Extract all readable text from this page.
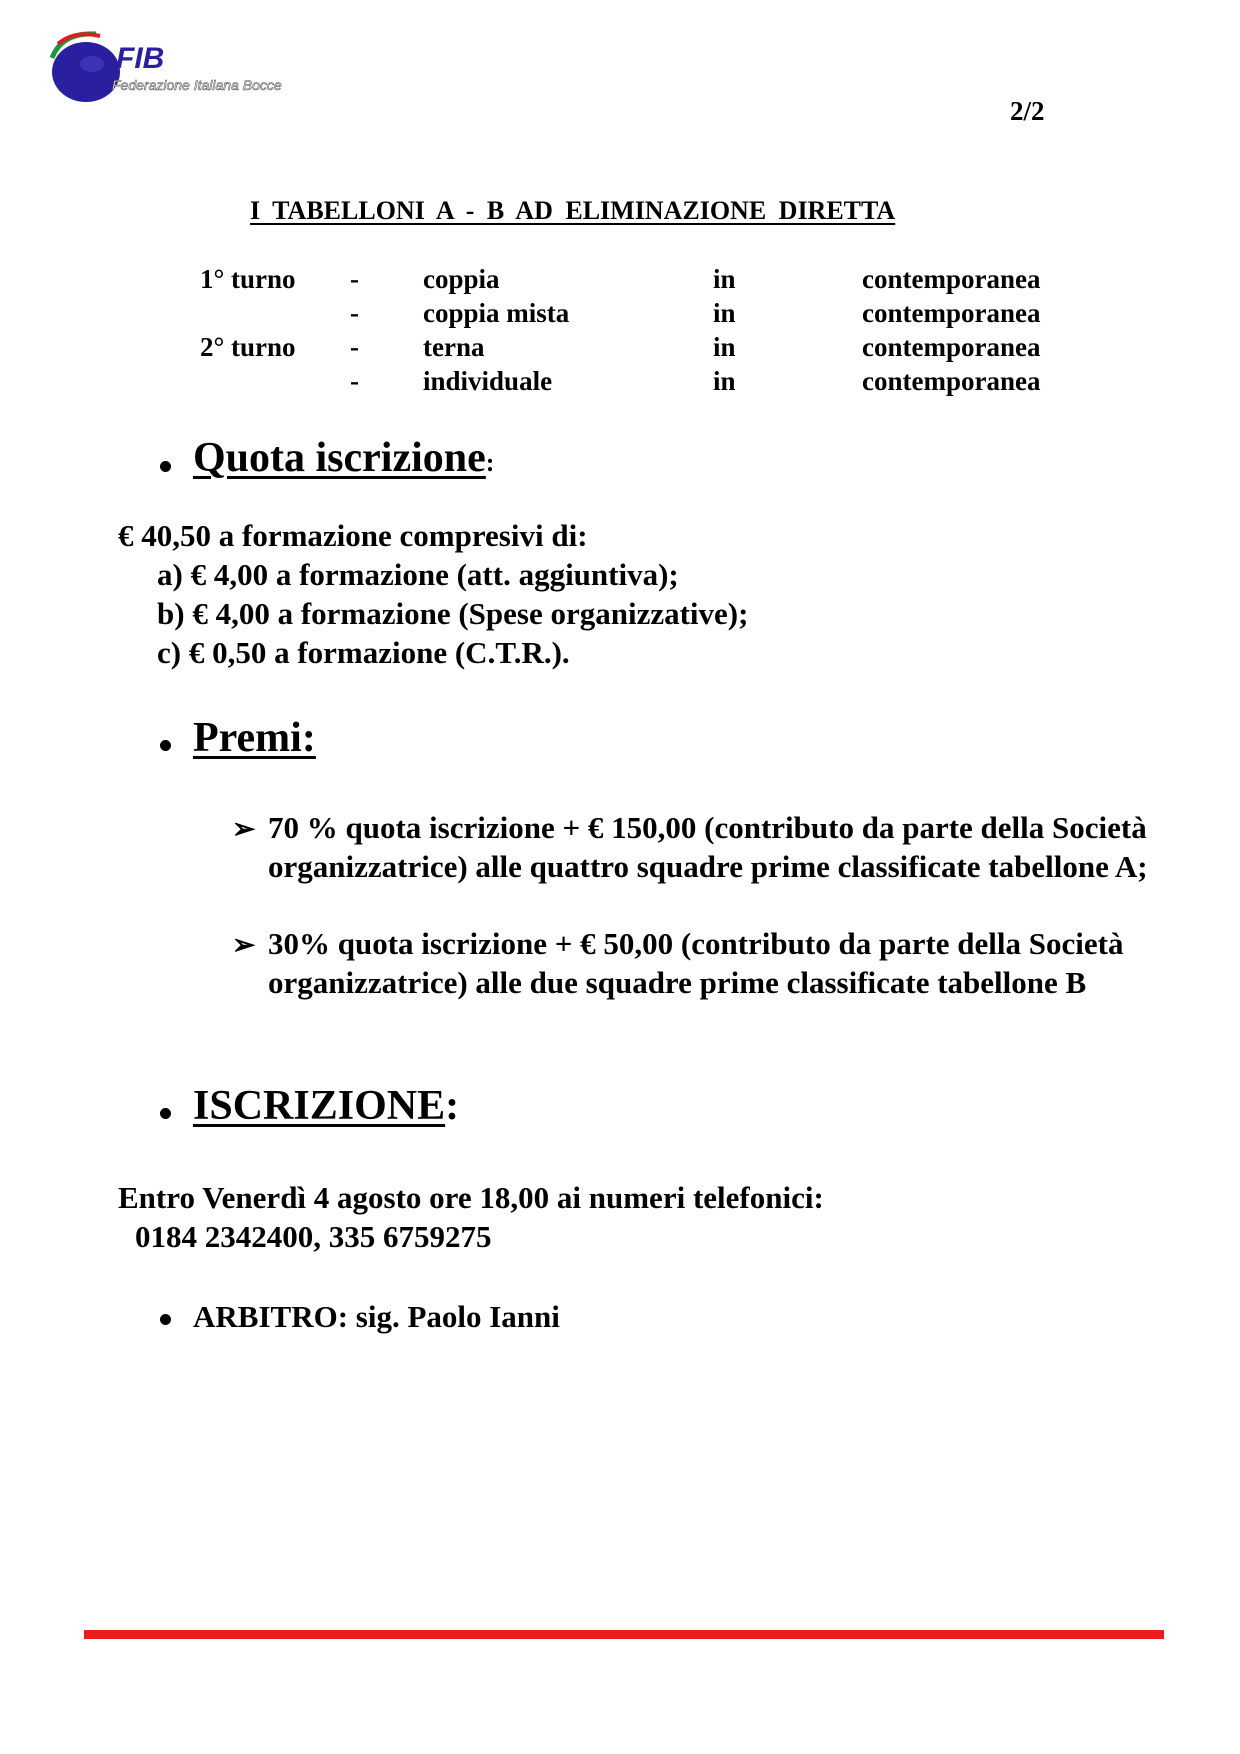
FIB
Federazione Italiana Bocce
2/2
I TABELLONI A - B AD ELIMINAZIONE DIRETTA
1° turno - coppia	in	contemporanea
- coppia mista	in	contemporanea
2° turno - terna	in	contemporanea
- individuale	in	contemporanea
Quota iscrizione:
€ 40,50 a formazione compresivi di:
a) € 4,00 a formazione (att. aggiuntiva);
b) € 4,00 a formazione (Spese organizzative);
c) € 0,50 a formazione (C.T.R.).
Premi:
➢ 70 % quota iscrizione + € 150,00 (contributo da parte della Società organizzatrice) alle quattro squadre prime classificate tabellone A;
➢ 30% quota iscrizione + € 50,00 (contributo da parte della Società organizzatrice) alle due squadre prime classificate tabellone B
ISCRIZIONE:
Entro Venerdì 4 agosto ore 18,00 ai numeri telefonici:
0184 2342400, 335 6759275
ARBITRO: sig. Paolo Ianni
